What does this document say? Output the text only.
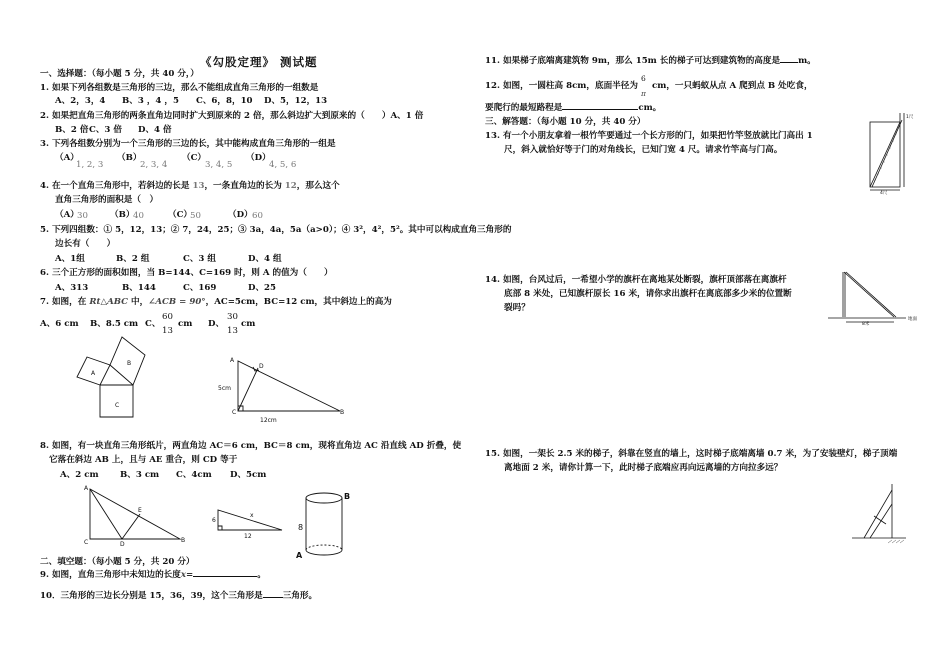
《勾股定理》 测试题
一、选择题：（每小题 5 分，共 40 分，）
1. 如果下列各组数是三角形的三边，那么不能组成直角三角形的一组数是
A、2，3，4 B、3 ，4 ，5 C、6，8，10 D、5，12，13
2. 如果把直角三角形的两条直角边同时扩大到原来的 2 倍，那么斜边扩大到原来的（　　）A、1 倍
B、2 倍 C、3 倍 D、4 倍
3. 下列各组数分别为一个三角形的三边的长，其中能构成直角三角形的一组是
（A）
1, 2, 3
（B）
2, 3, 4
（C）
3, 4, 5
（D）
4, 5, 6
4. 在一个直角三角形中，若斜边的长是 13，一条直角边的长为 12，那么这个
直角三角形的面积是（　）
（A）
30	（B）
40	（C）
50	（D） 60
5. 下列四组数：① 5，12，13；② 7，24，25；③ 3a，4a，5a（a>0）；④ 3²，4²，5²。其中可以构成直角三角形的
边长有（　　）
A、1组	B、2 组	C、3 组	D、4 组
6. 三个正方形的面积如图，当 B=144、C=169 时，则 A 的值为（　　）
A、313	B、144	C、169	D、25
7. 如图，在 Rt△ABC 中，∠ACB = 90°，AC=5cm，BC=12 cm，其中斜边上的高为
A、6 cm B、8.5 cm C、
60
13
cm D、
30
13
cm
A
B
C
A
D
5cm
C
12cm
B
8. 如图，有一块直角三角形纸片，两直角边 AC＝6 cm，BC＝8 cm，现将直角边 AC 沿直线 AD 折叠，使
它落在斜边 AB 上，且与 AE 重合，则 CD 等于
A、2 cm B、3 cm C、4cm D、5cm
A
E
C	D
B
6
x
12
B
8
A
二、填空题：（每小题 5 分，共 20 分）
9. 如图，直角三角形中未知边的长度x=	。
10．三角形的三边长分别是 15，36，39，这个三角形是 三角形。
11. 如果梯子底端离建筑物 9m，那么 15m 长的梯子可达到建筑物的高度是 m。
12. 如图，一圆柱高 8cm，底面半径为
6
π
cm，一只蚂蚁从点 A 爬到点 B 处吃食，
要爬行的最短路程是	cm。
三、解答题：（每小题 10 分，共 40 分）
13. 有一个小朋友拿着一根竹竿要通过一个长方形的门，如果把竹竿竖放就比门高出 1
尺，斜入就恰好等于门的对角线长，已知门宽 4 尺。请求竹竿高与门高。
1尺
4尺
14. 如图，台风过后，一希望小学的旗杆在离地某处断裂，旗杆顶部落在离旗杆
底部 8 米处，已知旗杆原长 16 米，请你求出旗杆在离底部多少米的位置断
裂吗？
8米
地面
15. 如图，一架长 2.5 米的梯子，斜靠在竖直的墙上，这时梯子底端离墙 0.7 米，为了安装壁灯，梯子顶端
离地面 2 米，请你计算一下，此时梯子底端应再向远离墙的方向拉多远？
